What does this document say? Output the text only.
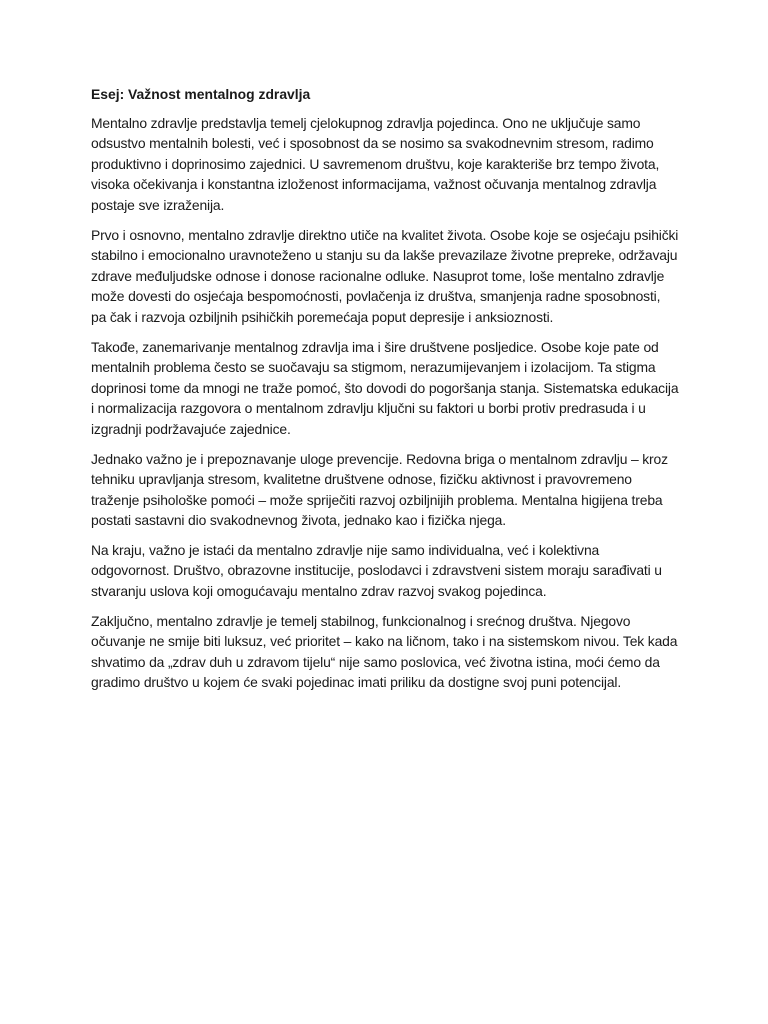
Esej: Važnost mentalnog zdravlja

Mentalno zdravlje predstavlja temelj cjelokupnog zdravlja pojedinca. Ono ne uključuje samo odsustvo mentalnih bolesti, već i sposobnost da se nosimo sa svakodnevnim stresom, radimo produktivno i doprinosimo zajednici. U savremenom društvu, koje karakteriše brz tempo života, visoka očekivanja i konstantna izloženost informacijama, važnost očuvanja mentalnog zdravlja postaje sve izraženija.

Prvo i osnovno, mentalno zdravlje direktno utiče na kvalitet života. Osobe koje se osjećaju psihički stabilno i emocionalno uravnoteženo u stanju su da lakše prevazilaze životne prepreke, održavaju zdrave međuljudske odnose i donose racionalne odluke. Nasuprot tome, loše mentalno zdravlje može dovesti do osjećaja bespomoćnosti, povlačenja iz društva, smanjenja radne sposobnosti, pa čak i razvoja ozbiljnih psihičkih poremećaja poput depresije i anksioznosti.

Takođe, zanemarivanje mentalnog zdravlja ima i šire društvene posljedice. Osobe koje pate od mentalnih problema često se suočavaju sa stigmom, nerazumijevanjem i izolacijom. Ta stigma doprinosi tome da mnogi ne traže pomoć, što dovodi do pogoršanja stanja. Sistematska edukacija i normalizacija razgovora o mentalnom zdravlju ključni su faktori u borbi protiv predrasuda i u izgradnji podržavajuće zajednice.

Jednako važno je i prepoznavanje uloge prevencije. Redovna briga o mentalnom zdravlju – kroz tehniku upravljanja stresom, kvalitetne društvene odnose, fizičku aktivnost i pravovremeno traženje psihološke pomoći – može spriječiti razvoj ozbiljnijih problema. Mentalna higijena treba postati sastavni dio svakodnevnog života, jednako kao i fizička njega.

Na kraju, važno je istaći da mentalno zdravlje nije samo individualna, već i kolektivna odgovornost. Društvo, obrazovne institucije, poslodavci i zdravstveni sistem moraju sarađivati u stvaranju uslova koji omogućavaju mentalno zdrav razvoj svakog pojedinca.

Zaključno, mentalno zdravlje je temelj stabilnog, funkcionalnog i srećnog društva. Njegovo očuvanje ne smije biti luksuz, već prioritet – kako na ličnom, tako i na sistemskom nivou. Tek kada shvatimo da „zdrav duh u zdravom tijelu“ nije samo poslovica, već životna istina, moći ćemo da gradimo društvo u kojem će svaki pojedinac imati priliku da dostigne svoj puni potencijal.
